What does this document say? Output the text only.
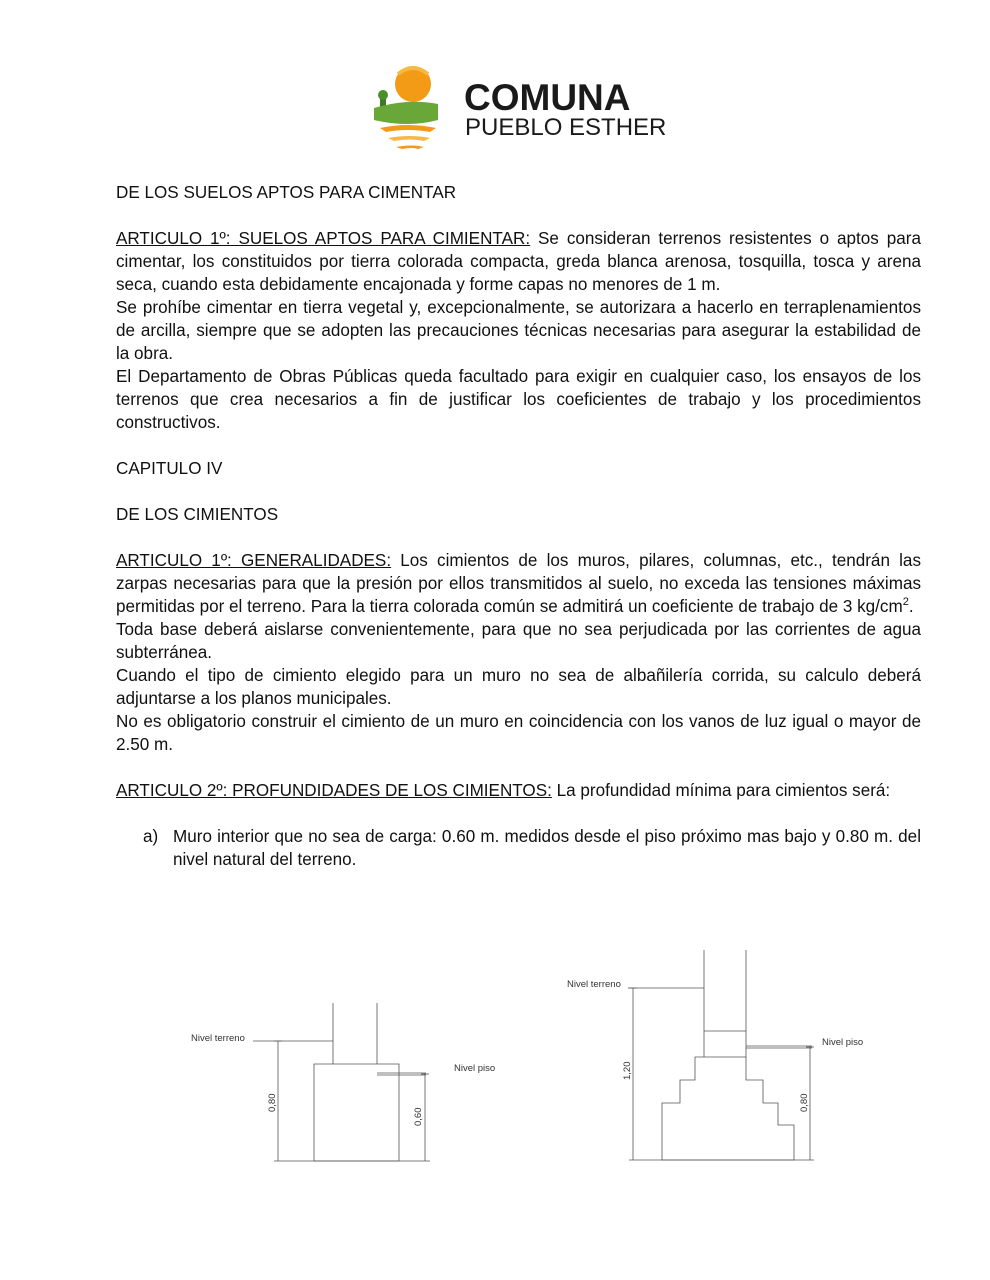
COMUNA
PUEBLO ESTHER

DE LOS SUELOS APTOS PARA CIMENTAR

ARTICULO 1º: SUELOS APTOS PARA CIMIENTAR: Se consideran terrenos resistentes o aptos para cimentar, los constituidos por tierra colorada compacta, greda blanca arenosa, tosquilla, tosca y arena seca, cuando esta debidamente encajonada y forme capas no menores de 1 m.

Se prohíbe cimentar en tierra vegetal y, excepcionalmente, se autorizara a hacerlo en terraplenamientos de arcilla, siempre que se adopten las precauciones técnicas necesarias para asegurar la estabilidad de la obra.

El Departamento de Obras Públicas queda facultado para exigir en cualquier caso, los ensayos de los terrenos que crea necesarios a fin de justificar los coeficientes de trabajo y los procedimientos constructivos.

CAPITULO IV

DE LOS CIMIENTOS

ARTICULO 1º: GENERALIDADES: Los cimientos de los muros, pilares, columnas, etc., tendrán las zarpas necesarias para que la presión por ellos transmitidos al suelo, no exceda las tensiones máximas permitidas por el terreno. Para la tierra colorada común se admitirá un coeficiente de trabajo de 3 $kg/cm^2$.

Toda base deberá aislarse convenientemente, para que no sea perjudicada por las corrientes de agua subterránea.

Cuando el tipo de cimiento elegido para un muro no sea de albañilería corrida, su calculo deberá adjuntarse a los planos municipales.

No es obligatorio construir el cimiento de un muro en coincidencia con los vanos de luz igual o mayor de 2.50 m.

ARTICULO 2º: PROFUNDIDADES DE LOS CIMIENTOS: La profundidad mínima para cimientos será:

a) Muro interior que no sea de carga: 0.60 m. medidos desde el piso próximo mas bajo y 0.80 m. del nivel natural del terreno.

Nivel terreno
Nivel piso
0,80
0,60
Nivel terreno
Nivel piso
1,20
0,80
